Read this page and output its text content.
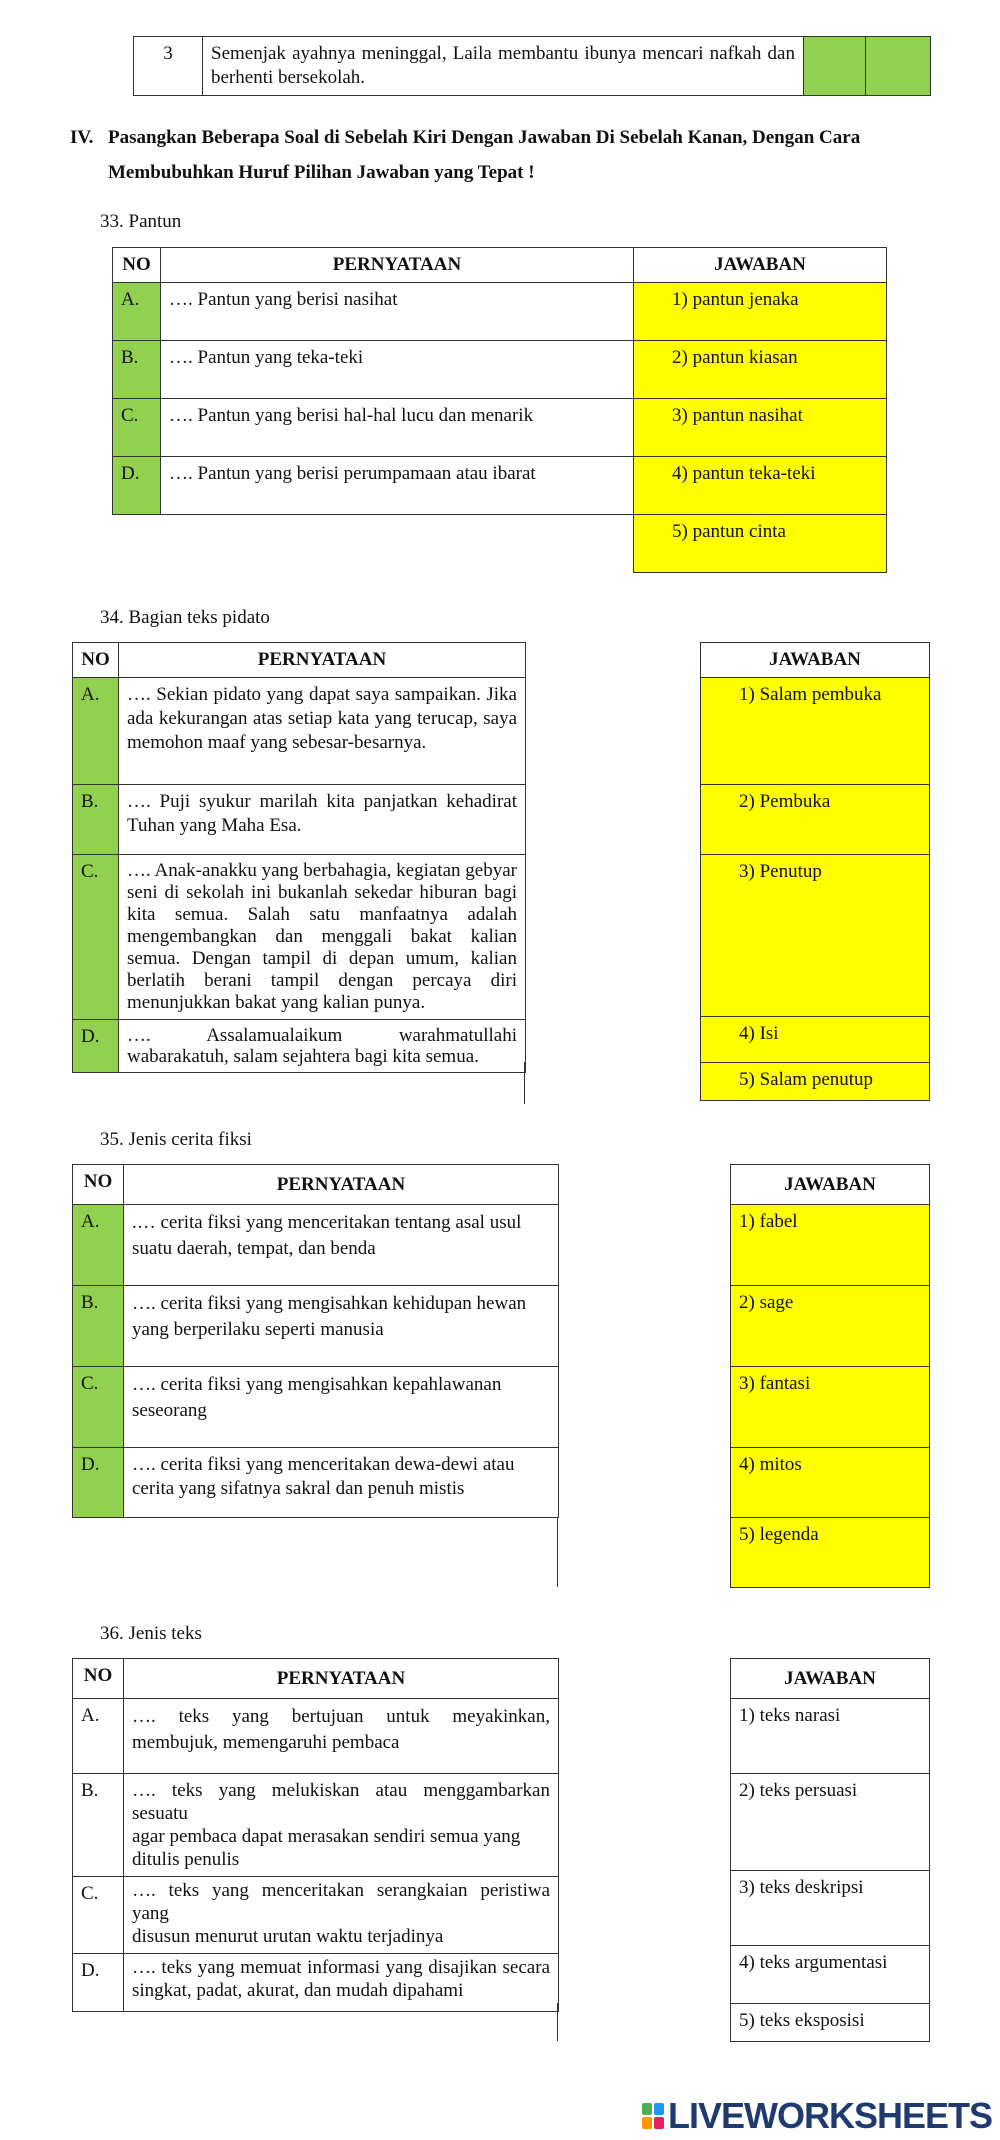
3	Semenjak ayahnya meninggal, Laila membantu ibunya mencari nafkah dan berhenti bersekolah.		
IV. Pasangkan Beberapa Soal di Sebelah Kiri Dengan Jawaban Di Sebelah Kanan, Dengan Cara
Membubuhkan Huruf Pilihan Jawaban yang Tepat !
33. Pantun
NO	PERNYATAAN	JAWABAN
A.	…. Pantun yang berisi nasihat	1) pantun jenaka
B.	…. Pantun yang teka-teki	2) pantun kiasan
C.	…. Pantun yang berisi hal-hal lucu dan menarik	3) pantun nasihat
D.	…. Pantun yang berisi perumpamaan atau ibarat	4) pantun teka-teki
		5) pantun cinta
34. Bagian teks pidato
NO	PERNYATAAN
A.	…. Sekian pidato yang dapat saya sampaikan. Jika ada kekurangan atas setiap kata yang terucap, saya memohon maaf yang sebesar-besarnya.
B.	…. Puji syukur marilah kita panjatkan kehadirat Tuhan yang Maha Esa.
C.	…. Anak-anakku yang berbahagia, kegiatan gebyar seni di sekolah ini bukanlah sekedar hiburan bagi kita semua. Salah satu manfaatnya adalah mengembangkan dan menggali bakat kalian semua. Dengan tampil di depan umum, kalian berlatih berani tampil dengan percaya diri menunjukkan bakat yang kalian punya.
D.	…. Assalamualaikum warahmatullahi wabarakatuh, salam sejahtera bagi kita semua.
JAWABAN
1) Salam pembuka
2) Pembuka
3) Penutup
4) Isi
5) Salam penutup
35. Jenis cerita fiksi
NO	PERNYATAAN
A.	.… cerita fiksi yang menceritakan tentang asal usul suatu daerah, tempat, dan benda
B.	…. cerita fiksi yang mengisahkan kehidupan hewan yang berperilaku seperti manusia
C.	…. cerita fiksi yang mengisahkan kepahlawanan seseorang
D.	…. cerita fiksi yang menceritakan dewa-dewi atau cerita yang sifatnya sakral dan penuh mistis
JAWABAN
1) fabel
2) sage
3) fantasi
4) mitos
5) legenda
36. Jenis teks
NO	PERNYATAAN
A.	…. teks yang bertujuan untuk meyakinkan, membujuk, memengaruhi pembaca
B.	…. teks yang melukiskan atau menggambarkan sesuatu
agar pembaca dapat merasakan sendiri semua yang ditulis penulis

C.	…. teks yang menceritakan serangkaian peristiwa yang
disusun menurut urutan waktu terjadinya

D.	…. teks yang memuat informasi yang disajikan secara singkat, padat, akurat, dan mudah dipahami
JAWABAN
1) teks narasi
2) teks persuasi
3) teks deskripsi
4) teks argumentasi
5) teks eksposisi
LIVEWORKSHEETS
